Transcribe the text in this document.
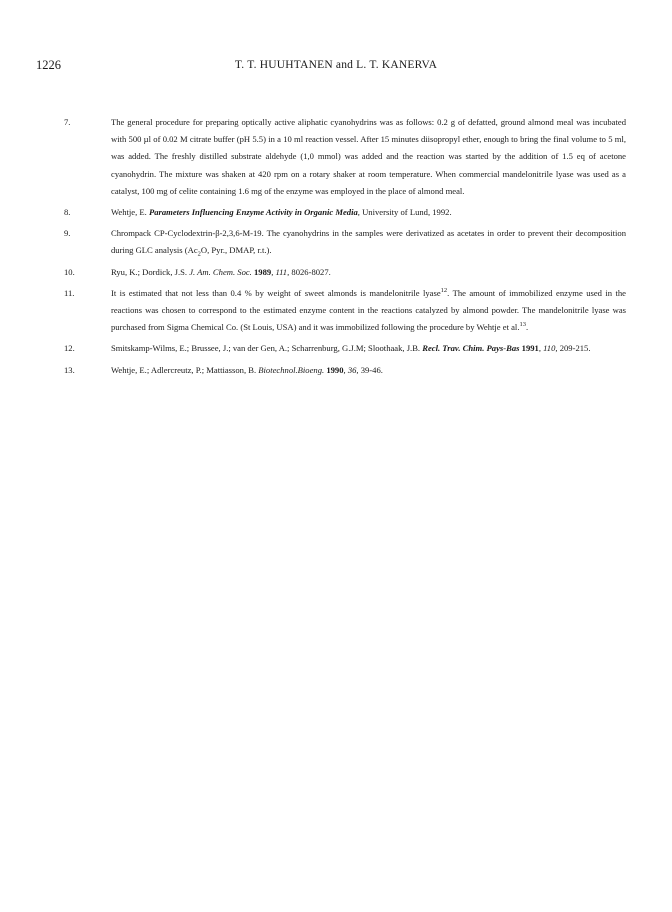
1226	T. T. HUUHTANEN and L. T. KANERVA
7.	The general procedure for preparing optically active aliphatic cyanohydrins was as follows: 0.2 g of defatted, ground almond meal was incubated with 500 µl of 0.02 M citrate buffer (pH 5.5) in a 10 ml reaction vessel. After 15 minutes diisopropyl ether, enough to bring the final volume to 5 ml, was added. The freshly distilled substrate aldehyde (1,0 mmol) was added and the reaction was started by the addition of 1.5 eq of acetone cyanohydrin. The mixture was shaken at 420 rpm on a rotary shaker at room temperature. When commercial mandelonitrile lyase was used as a catalyst, 100 mg of celite containing 1.6 mg of the enzyme was employed in the place of almond meal.
8.	Wehtje, E. Parameters Influencing Enzyme Activity in Organic Media, University of Lund, 1992.
9.	Chrompack CP-Cyclodextrin-β-2,3,6-M-19. The cyanohydrins in the samples were derivatized as acetates in order to prevent their decomposition during GLC analysis ($Ac_2O$, Pyr., DMAP, r.t.).
10.	Ryu, K.; Dordick, J.S. J. Am. Chem. Soc. 1989, 111, 8026-8027.
11.	It is estimated that not less than 0.4 % by weight of sweet almonds is mandelonitrile lyase$^{12}$. The amount of immobilized enzyme used in the reactions was chosen to correspond to the estimated enzyme content in the reactions catalyzed by almond powder. The mandelonitrile lyase was purchased from Sigma Chemical Co. (St Louis, USA) and it was immobilized following the procedure by Wehtje et al.$^{13}$.
12.	Smitskamp-Wilms, E.; Brussee, J.; van der Gen, A.; Scharrenburg, G.J.M; Sloothaak, J.B. Recl. Trav. Chim. Pays-Bas 1991, 110, 209-215.
13.	Wehtje, E.; Adlercreutz, P.; Mattiasson, B. Biotechnol.Bioeng. 1990, 36, 39-46.
